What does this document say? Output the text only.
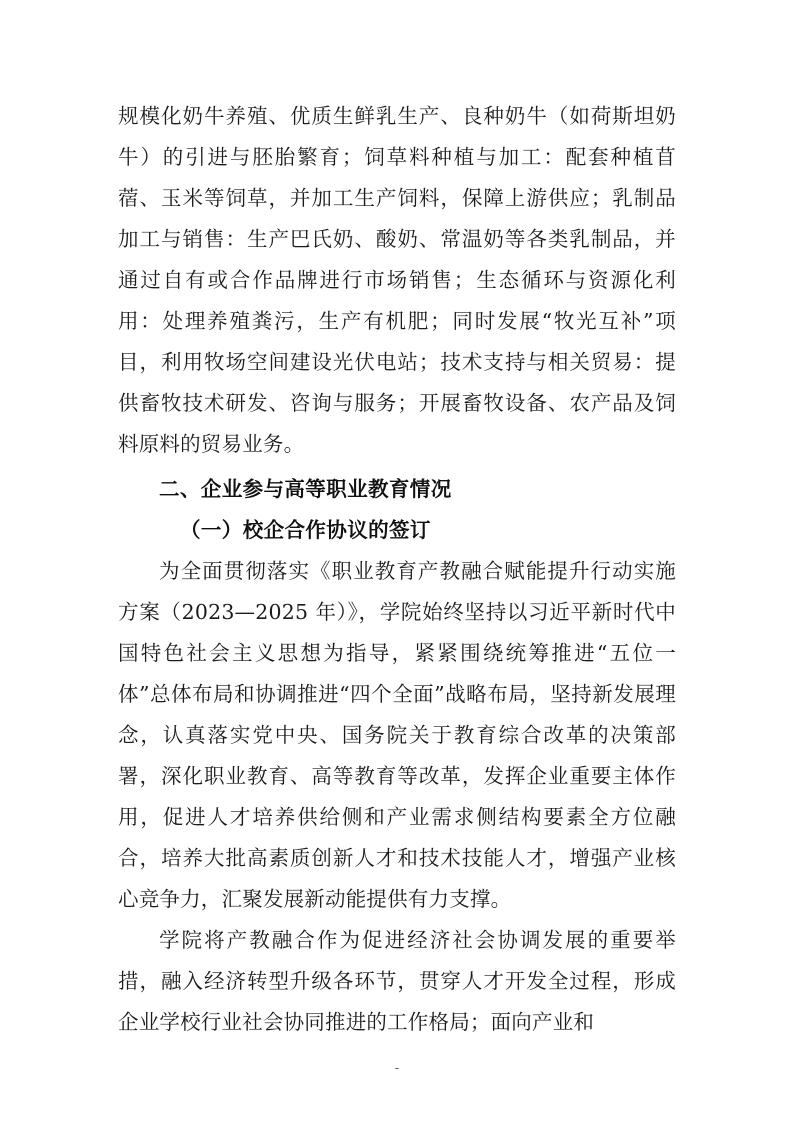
规模化奶牛养殖、优质生鲜乳生产、良种奶牛（如荷斯坦奶牛）的引进与胚胎繁育；饲草料种植与加工：配套种植苜蓿、玉米等饲草，并加工生产饲料，保障上游供应；乳制品加工与销售：生产巴氏奶、酸奶、常温奶等各类乳制品，并通过自有或合作品牌进行市场销售；生态循环与资源化利用：处理养殖粪污，生产有机肥；同时发展“牧光互补”项目，利用牧场空间建设光伏电站；技术支持与相关贸易：提供畜牧技术研发、咨询与服务；开展畜牧设备、农产品及饲料原料的贸易业务。

二、企业参与高等职业教育情况

（一）校企合作协议的签订

为全面贯彻落实《职业教育产教融合赋能提升行动实施方案（2023—2025 年）》，学院始终坚持以习近平新时代中国特色社会主义思想为指导，紧紧围绕统筹推进“五位一体”总体布局和协调推进“四个全面”战略布局，坚持新发展理念，认真落实党中央、国务院关于教育综合改革的决策部署，深化职业教育、高等教育等改革，发挥企业重要主体作用，促进人才培养供给侧和产业需求侧结构要素全方位融合，培养大批高素质创新人才和技术技能人才，增强产业核心竞争力，汇聚发展新动能提供有力支撑。

学院将产教融合作为促进经济社会协调发展的重要举措，融入经济转型升级各环节，贯穿人才开发全过程，形成企业学校行业社会协同推进的工作格局；面向产业和

-
